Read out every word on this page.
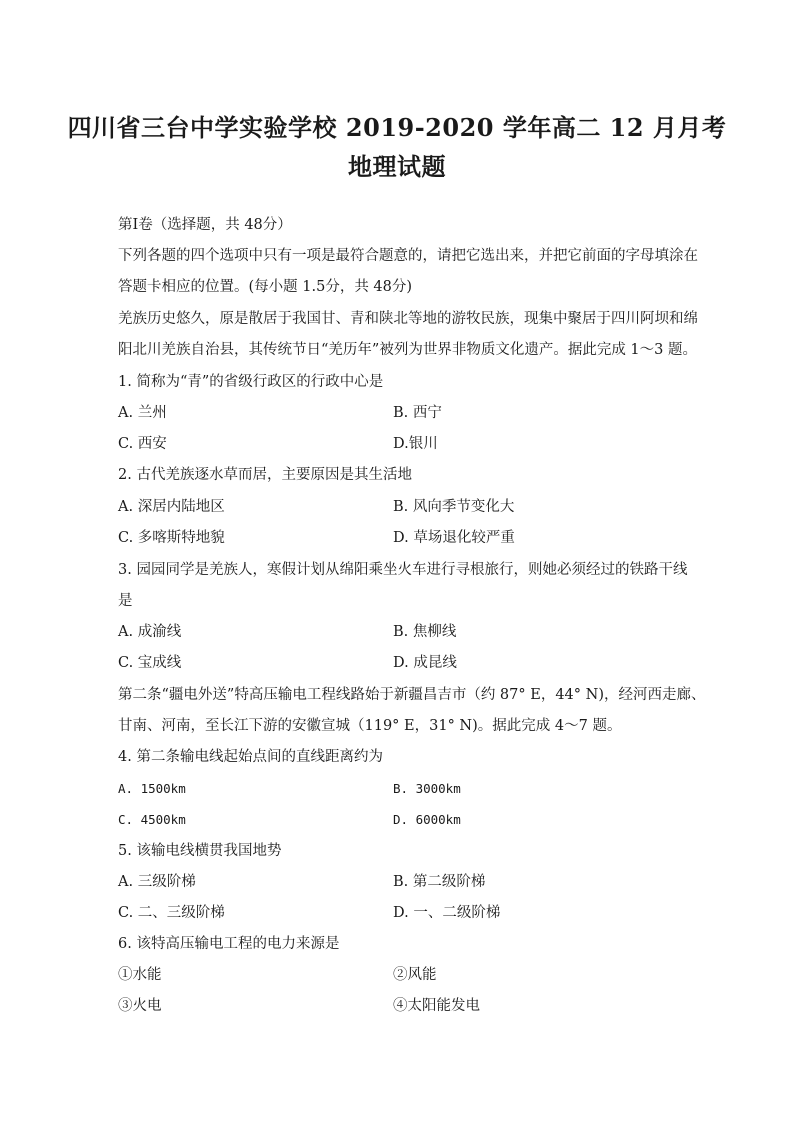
四川省三台中学实验学校 2019-2020 学年高二 12 月月考
地理试题
第Ⅰ卷（选择题，共 48分）
下列各题的四个选项中只有一项是最符合题意的，请把它选出来，并把它前面的字母填涂在
答题卡相应的位置。(每小题 1.5分，共 48分)
羌族历史悠久，原是散居于我国甘、青和陕北等地的游牧民族，现集中聚居于四川阿坝和绵
阳北川羌族自治县，其传统节日“羌历年”被列为世界非物质文化遗产。据此完成 1～3 题。
1. 简称为“青”的省级行政区的行政中心是
A. 兰州	B. 西宁
C. 西安	D.银川
2. 古代羌族逐水草而居，主要原因是其生活地
A. 深居内陆地区	B. 风向季节变化大
C. 多喀斯特地貌	D. 草场退化较严重
3. 园园同学是羌族人，寒假计划从绵阳乘坐火车进行寻根旅行，则她必须经过的铁路干线
是
A. 成渝线	B. 焦柳线
C. 宝成线	D. 成昆线
第二条“疆电外送”特高压输电工程线路始于新疆昌吉市（约 87° E，44° N)，经河西走廊、
甘南、河南，至长江下游的安徽宣城（119° E，31° N)。据此完成 4～7 题。
4. 第二条输电线起始点间的直线距离约为
A. 1500km	B. 3000km
C. 4500km	D. 6000km
5. 该输电线横贯我国地势
A. 三级阶梯	B. 第二级阶梯
C. 二、三级阶梯	D. 一、二级阶梯
6. 该特高压输电工程的电力来源是
①水能	②风能
③火电	④太阳能发电
